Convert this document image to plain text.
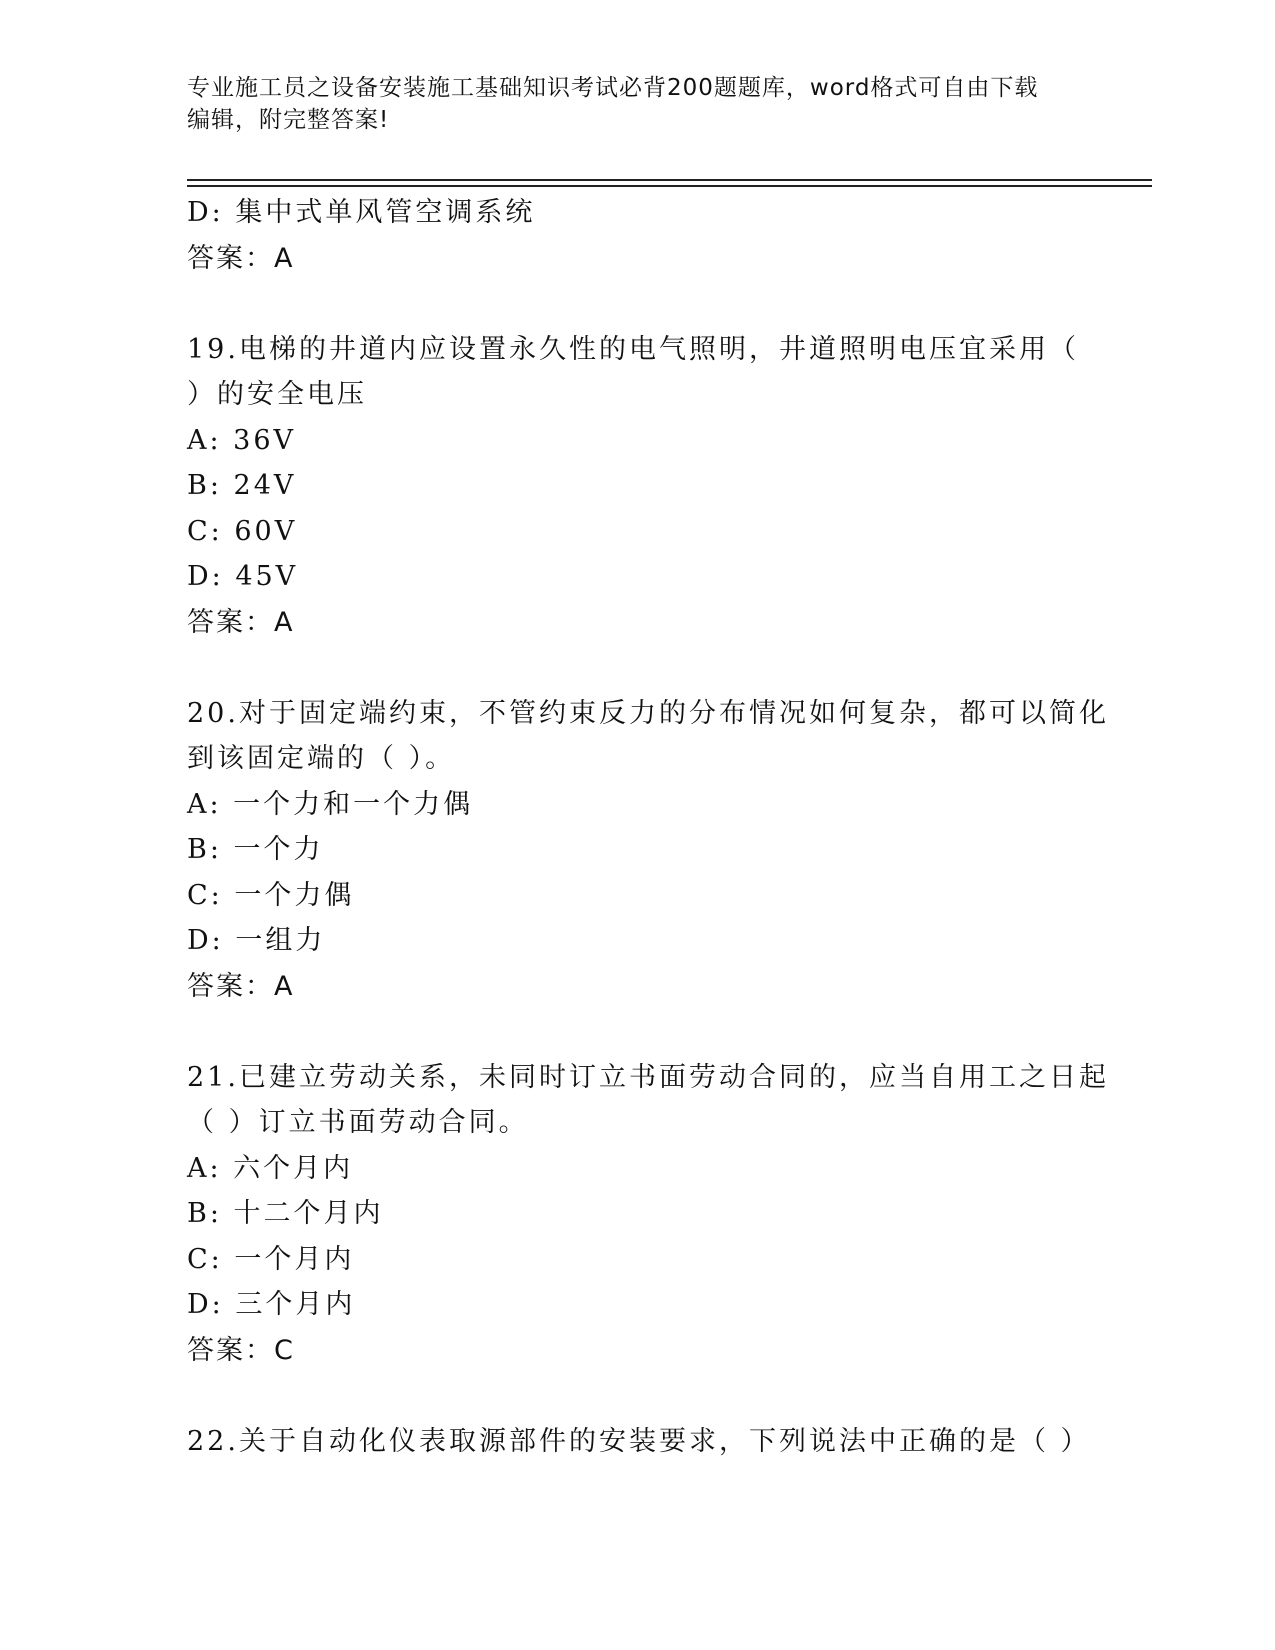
专业施工员之设备安装施工基础知识考试必背200题题库，word格式可自由下载
编辑，附完整答案!
D: 集中式单风管空调系统
答案：A
19.电梯的井道内应设置永久性的电气照明，井道照明电压宜采用（
）的安全电压
A: 36V
B: 24V
C: 60V
D: 45V
答案：A
20.对于固定端约束，不管约束反力的分布情况如何复杂，都可以简化
到该固定端的（ ）。
A: 一个力和一个力偶
B: 一个力
C: 一个力偶
D: 一组力
答案：A
21.已建立劳动关系，未同时订立书面劳动合同的，应当自用工之日起
（ ）订立书面劳动合同。
A: 六个月内
B: 十二个月内
C: 一个月内
D: 三个月内
答案：C
22.关于自动化仪表取源部件的安装要求，下列说法中正确的是（ ）
